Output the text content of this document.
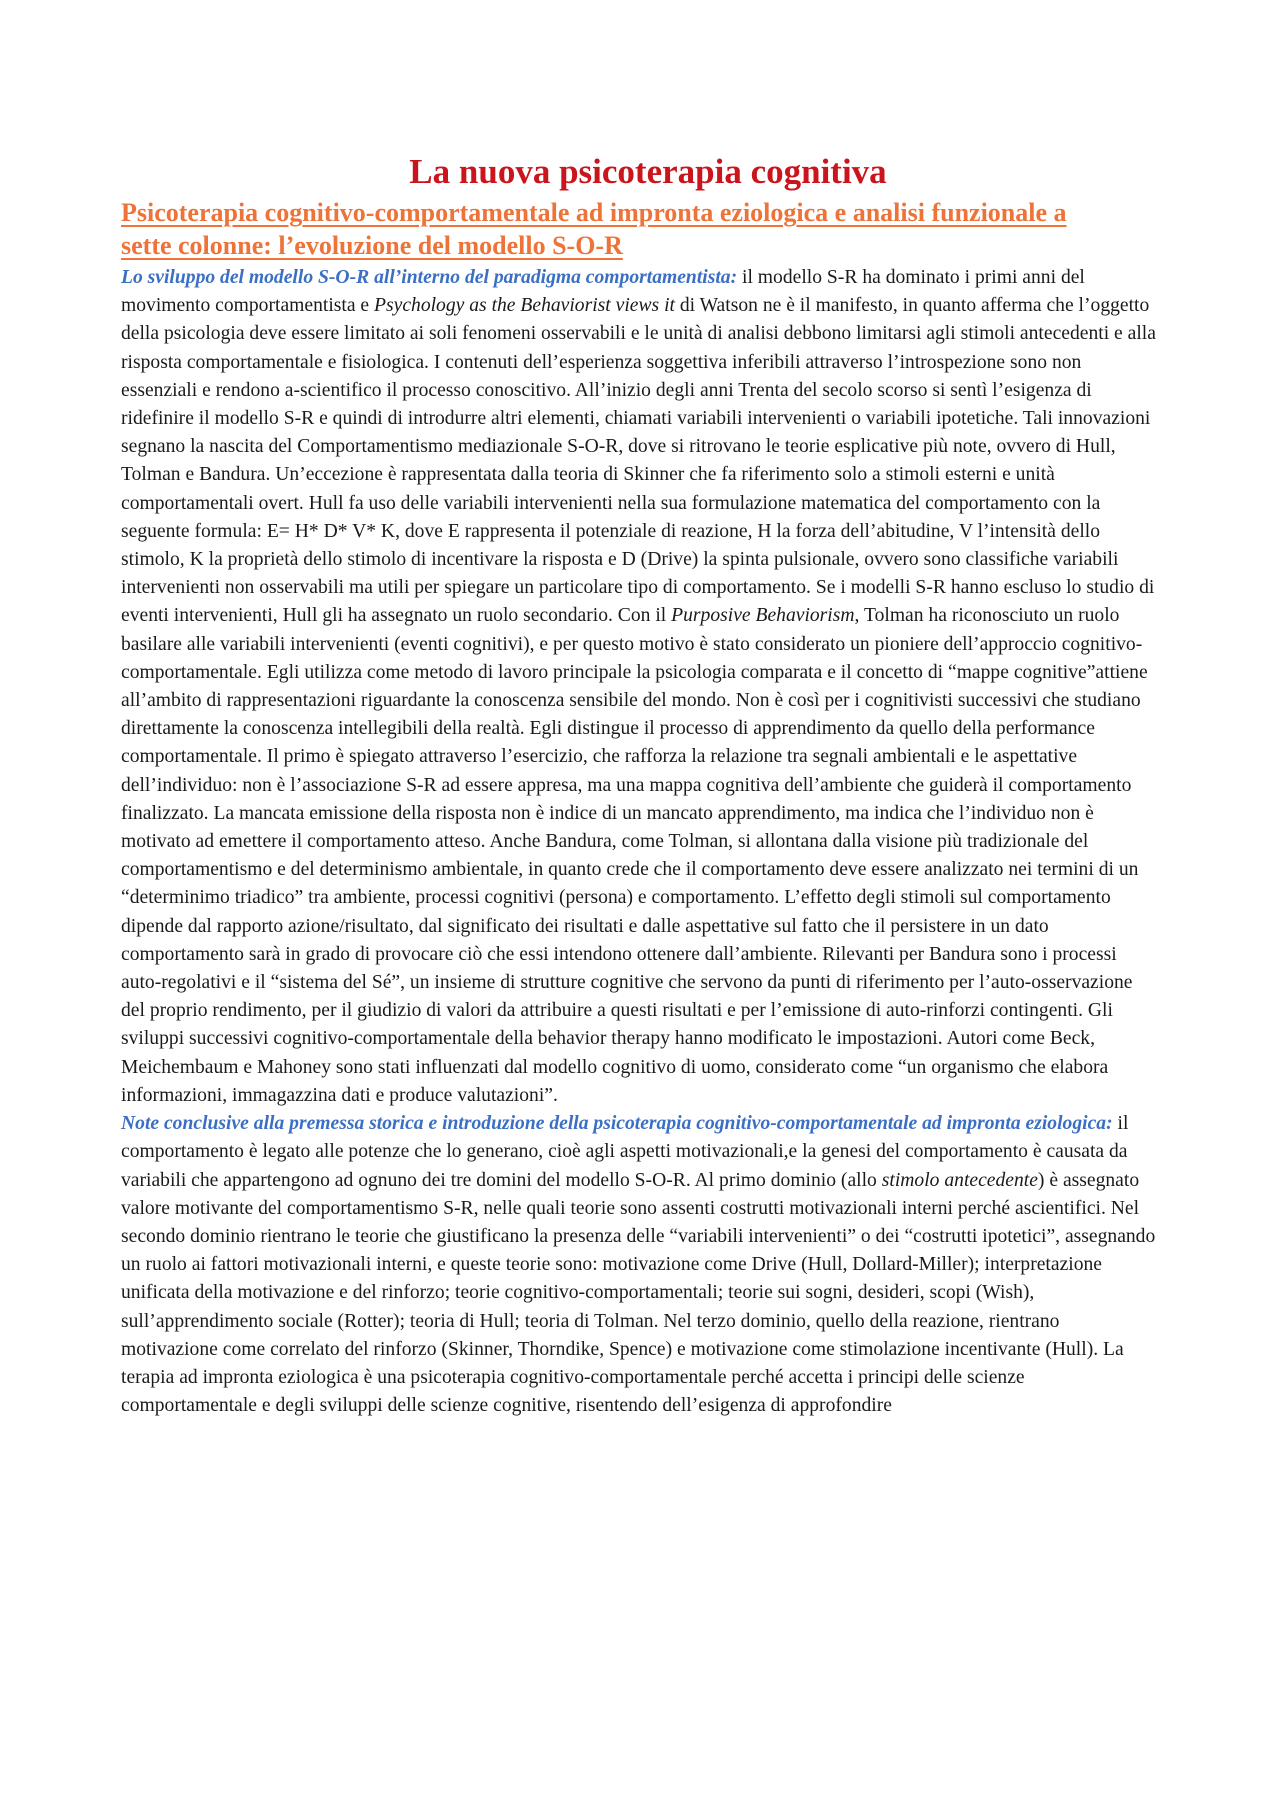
La nuova psicoterapia cognitiva
Psicoterapia cognitivo-comportamentale ad impronta eziologica e analisi funzionale a sette colonne: l’evoluzione del modello S-O-R

Lo sviluppo del modello S-O-R all’interno del paradigma comportamentista: il modello S-R ha dominato i primi anni del movimento comportamentista e Psychology as the Behaviorist views it di Watson ne è il manifesto, in quanto afferma che l’oggetto della psicologia deve essere limitato ai soli fenomeni osservabili e le unità di analisi debbono limitarsi agli stimoli antecedenti e alla risposta comportamentale e fisiologica. I contenuti dell’esperienza soggettiva inferibili attraverso l’introspezione sono non essenziali e rendono a-scientifico il processo conoscitivo. All’inizio degli anni Trenta del secolo scorso si sentì l’esigenza di ridefinire il modello S-R e quindi di introdurre altri elementi, chiamati variabili intervenienti o variabili ipotetiche. Tali innovazioni segnano la nascita del Comportamentismo mediazionale S-O-R, dove si ritrovano le teorie esplicative più note, ovvero di Hull, Tolman e Bandura. Un’eccezione è rappresentata dalla teoria di Skinner che fa riferimento solo a stimoli esterni e unità comportamentali overt. Hull fa uso delle variabili intervenienti nella sua formulazione matematica del comportamento con la seguente formula: E= H* D* V* K, dove E rappresenta il potenziale di reazione, H la forza dell’abitudine, V l’intensità dello stimolo, K la proprietà dello stimolo di incentivare la risposta e D (Drive) la spinta pulsionale, ovvero sono classifiche variabili intervenienti non osservabili ma utili per spiegare un particolare tipo di comportamento. Se i modelli S-R hanno escluso lo studio di eventi intervenienti, Hull gli ha assegnato un ruolo secondario. Con il Purposive Behaviorism, Tolman ha riconosciuto un ruolo basilare alle variabili intervenienti (eventi cognitivi), e per questo motivo è stato considerato un pioniere dell’approccio cognitivo-comportamentale. Egli utilizza come metodo di lavoro principale la psicologia comparata e il concetto di “mappe cognitive”attiene all’ambito di rappresentazioni riguardante la conoscenza sensibile del mondo. Non è così per i cognitivisti successivi che studiano direttamente la conoscenza intellegibili della realtà. Egli distingue il processo di apprendimento da quello della performance comportamentale. Il primo è spiegato attraverso l’esercizio, che rafforza la relazione tra segnali ambientali e le aspettative dell’individuo: non è l’associazione S-R ad essere appresa, ma una mappa cognitiva dell’ambiente che guiderà il comportamento finalizzato. La mancata emissione della risposta non è indice di un mancato apprendimento, ma indica che l’individuo non è motivato ad emettere il comportamento atteso. Anche Bandura, come Tolman, si allontana dalla visione più tradizionale del comportamentismo e del determinismo ambientale, in quanto crede che il comportamento deve essere analizzato nei termini di un “determinimo triadico” tra ambiente, processi cognitivi (persona) e comportamento. L’effetto degli stimoli sul comportamento dipende dal rapporto azione/risultato, dal significato dei risultati e dalle aspettative sul fatto che il persistere in un dato comportamento sarà in grado di provocare ciò che essi intendono ottenere dall’ambiente. Rilevanti per Bandura sono i processi auto-regolativi e il “sistema del Sé”, un insieme di strutture cognitive che servono da punti di riferimento per l’auto-osservazione del proprio rendimento, per il giudizio di valori da attribuire a questi risultati e per l’emissione di auto-rinforzi contingenti. Gli sviluppi successivi cognitivo-comportamentale della behavior therapy hanno modificato le impostazioni. Autori come Beck, Meichembaum e Mahoney sono stati influenzati dal modello cognitivo di uomo, considerato come “un organismo che elabora informazioni, immagazzina dati e produce valutazioni”.

Note conclusive alla premessa storica e introduzione della psicoterapia cognitivo-comportamentale ad impronta eziologica: il comportamento è legato alle potenze che lo generano, cioè agli aspetti motivazionali,e la genesi del comportamento è causata da variabili che appartengono ad ognuno dei tre domini del modello S-O-R. Al primo dominio (allo stimolo antecedente) è assegnato valore motivante del comportamentismo S-R, nelle quali teorie sono assenti costrutti motivazionali interni perché ascientifici. Nel secondo dominio rientrano le teorie che giustificano la presenza delle “variabili intervenienti” o dei “costrutti ipotetici”, assegnando un ruolo ai fattori motivazionali interni, e queste teorie sono: motivazione come Drive (Hull, Dollard-Miller); interpretazione unificata della motivazione e del rinforzo; teorie cognitivo-comportamentali; teorie sui sogni, desideri, scopi (Wish), sull’apprendimento sociale (Rotter); teoria di Hull; teoria di Tolman. Nel terzo dominio, quello della reazione, rientrano motivazione come correlato del rinforzo (Skinner, Thorndike, Spence) e motivazione come stimolazione incentivante (Hull). La terapia ad impronta eziologica è una psicoterapia cognitivo-comportamentale perché accetta i principi delle scienze comportamentale e degli sviluppi delle scienze cognitive, risentendo dell’esigenza di approfondire
